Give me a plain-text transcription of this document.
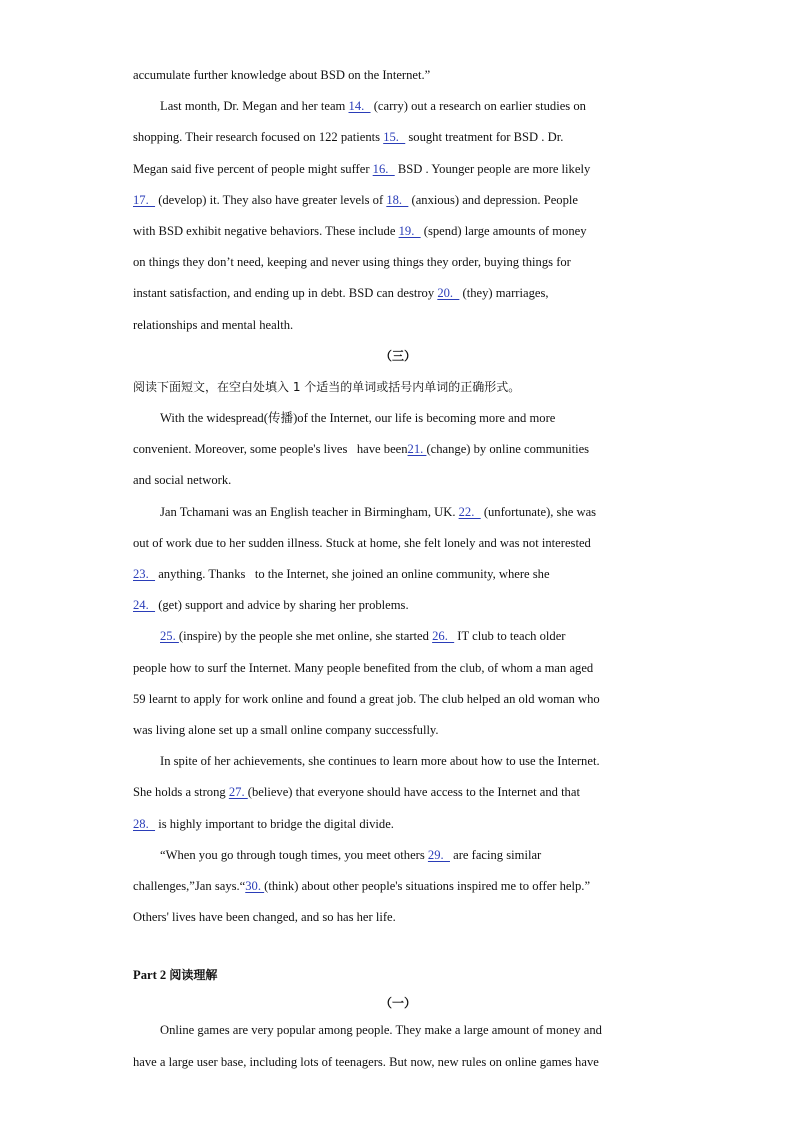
accumulate further knowledge about BSD on the Internet.”
Last month, Dr. Megan and her team 14.   (carry) out a research on earlier studies on
shopping. Their research focused on 122 patients 15.   sought treatment for BSD . Dr.
Megan said five percent of people might suffer 16.   BSD . Younger people are more likely
17.   (develop) it. They also have greater levels of 18.   (anxious) and depression. People
with BSD exhibit negative behaviors. These include 19.   (spend) large amounts of money
on things they don’t need, keeping and never using things they order, buying things for
instant satisfaction, and ending up in debt. BSD can destroy 20.   (they) marriages,
relationships and mental health.
（三）
阅读下面短文，在空白处填入 1 个适当的单词或括号内单词的正确形式。
With the widespread(传播)of the Internet, our life is becoming more and more
convenient. Moreover, some people's lives   have been21. (change) by online communities
and social network.
Jan Tchamani was an English teacher in Birmingham, UK. 22.   (unfortunate), she was
out of work due to her sudden illness. Stuck at home, she felt lonely and was not interested
23.   anything. Thanks   to the Internet, she joined an online community, where she
24.   (get) support and advice by sharing her problems.
25. (inspire) by the people she met online, she started 26.   IT club to teach older
people how to surf the Internet. Many people benefited from the club, of whom a man aged
59 learnt to apply for work online and found a great job. The club helped an old woman who
was living alone set up a small online company successfully.
In spite of her achievements, she continues to learn more about how to use the Internet.
She holds a strong 27. (believe) that everyone should have access to the Internet and that
28.   is highly important to bridge the digital divide.
“When you go through tough times, you meet others 29.   are facing similar
challenges,”Jan says.“30. (think) about other people's situations inspired me to offer help.”
Others' lives have been changed, and so has her life.
Part 2 阅读理解
（一）
Online games are very popular among people. They make a large amount of money and
have a large user base, including lots of teenagers. But now, new rules on online games have
